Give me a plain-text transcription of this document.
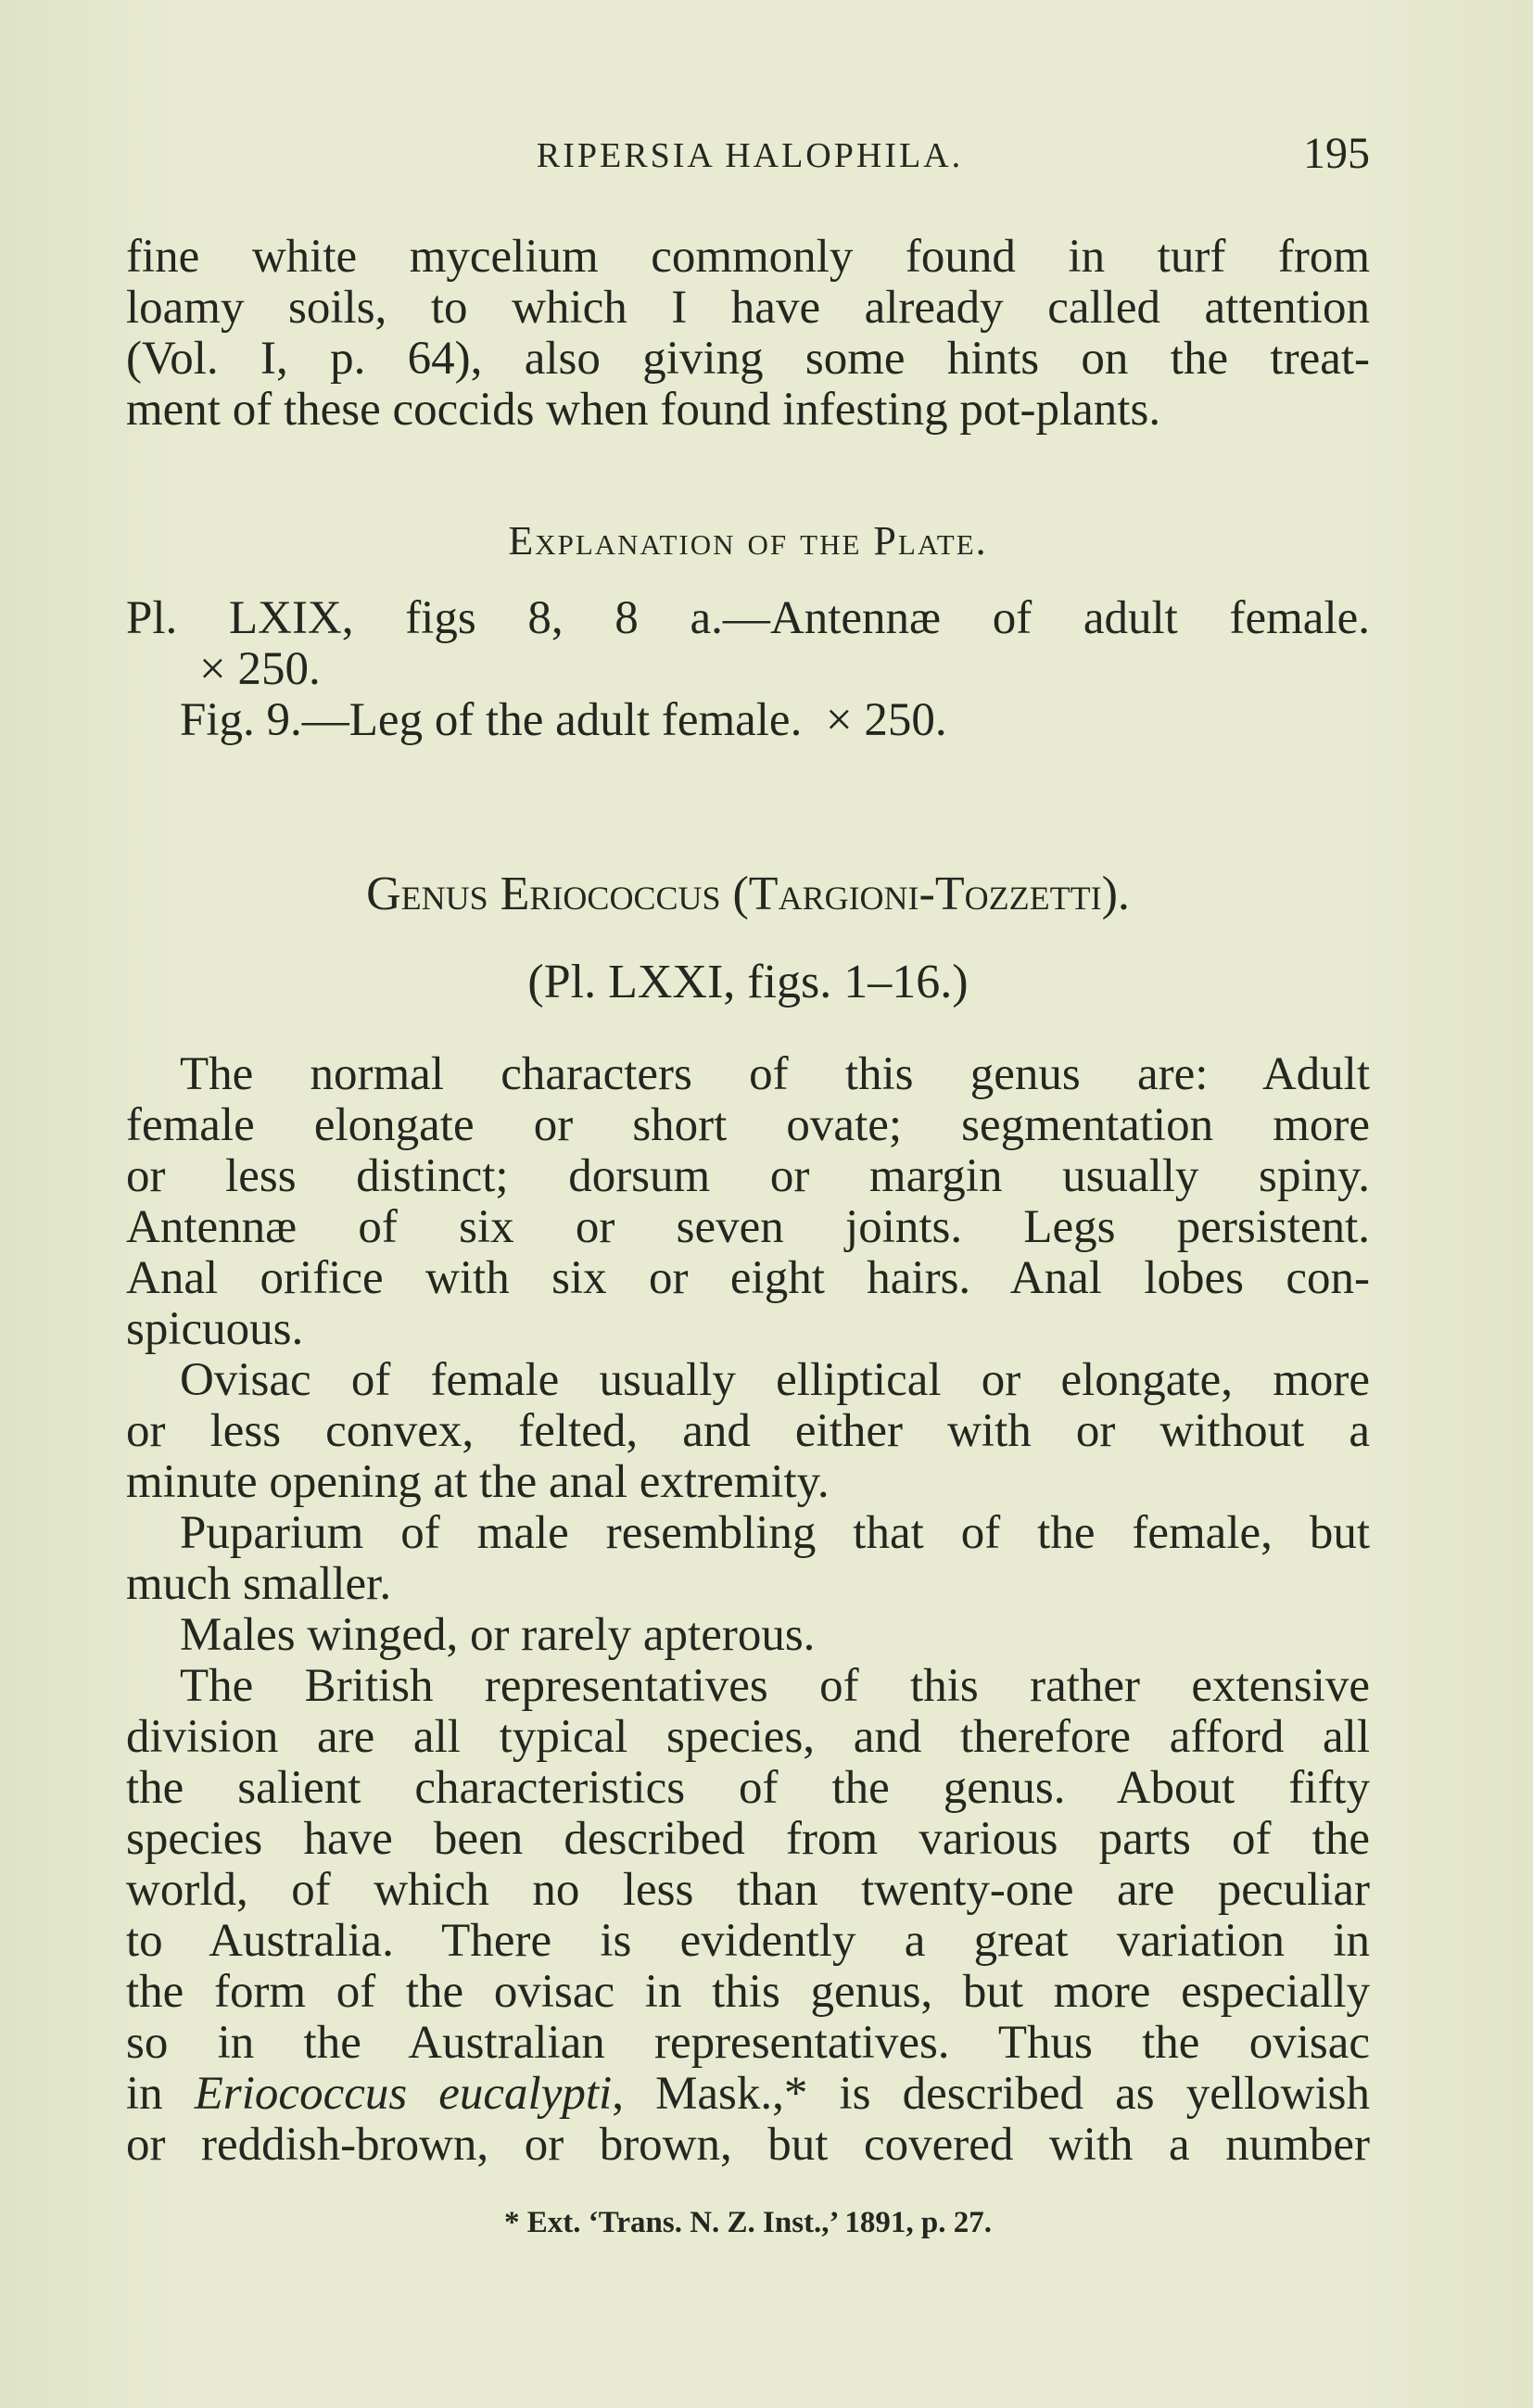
RIPERSIA HALOPHILA.	195

fine white mycelium commonly found in turf from

loamy soils, to which I have already called attention

(Vol. I, p. 64), also giving some hints on the treat-

ment of these coccids when found infesting pot-plants.

Explanation of the Plate.

Pl. LXIX, figs 8, 8 a.—Antennæ of adult female.

× 250.
Fig. 9.—Leg of the adult female.  × 250.
Genus Eriococcus (Targioni-Tozzetti).
(Pl. LXXI, figs. 1–16.)

The normal characters of this genus are: Adult

female elongate or short ovate; segmentation more

or less distinct; dorsum or margin usually spiny.

Antennæ of six or seven joints. Legs persistent.

Anal orifice with six or eight hairs. Anal lobes con-

spicuous.

Ovisac of female usually elliptical or elongate, more

or less convex, felted, and either with or without a

minute opening at the anal extremity.

Puparium of male resembling that of the female, but

much smaller.

Males winged, or rarely apterous.

The British representatives of this rather extensive

division are all typical species, and therefore afford all

the salient characteristics of the genus. About fifty

species have been described from various parts of the

world, of which no less than twenty-one are peculiar

to Australia. There is evidently a great variation in

the form of the ovisac in this genus, but more especially

so in the Australian representatives. Thus the ovisac

in Eriococcus eucalypti, Mask.,* is described as yellowish

or reddish-brown, or brown, but covered with a number

* Ext. ‘Trans. N. Z. Inst.,’ 1891, p. 27.
